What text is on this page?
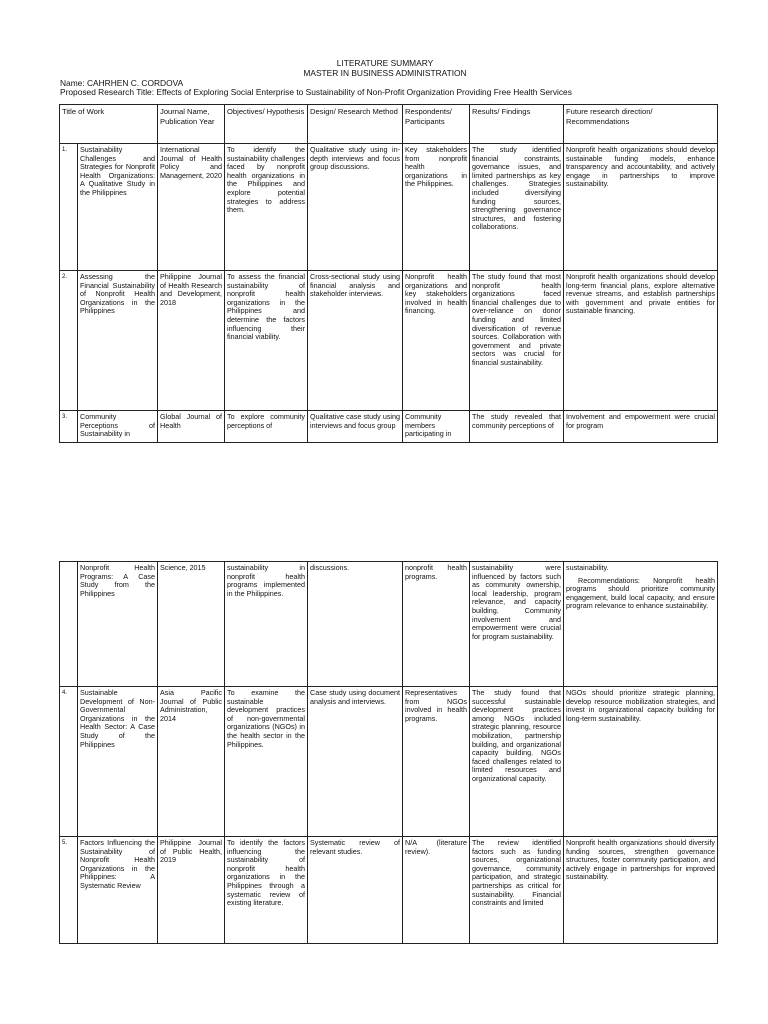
LITERATURE SUMMARY
MASTER IN BUSINESS ADMINISTRATION
Name: CAHRHEN C. CORDOVA
Proposed Research Title: Effects of Exploring Social Enterprise to Sustainability of Non-Profit Organization Providing Free Health Services
Title of Work		Journal Name, Publication Year	Objectives/ Hypothesis	Design/ Research Method	Respondents/ Participants	Results/ Findings	Future research direction/ Recommendations
1.	Sustainability Challenges and Strategies for Nonprofit Health Organizations: A Qualitative Study in the Philippines	International Journal of Health Policy and Management, 2020	To identify the sustainability challenges faced by nonprofit health organizations in the Philippines and explore potential strategies to address them.	Qualitative study using in-depth interviews and focus group discussions.	Key stakeholders from nonprofit health organizations in the Philippines.	The study identified financial constraints, governance issues, and limited partnerships as key challenges. Strategies included diversifying funding sources, strengthening governance structures, and fostering collaborations.	Nonprofit health organizations should develop sustainable funding models, enhance transparency and accountability, and actively engage in partnerships to improve sustainability.
2.	Assessing the Financial Sustainability of Nonprofit Health Organizations in the Philippines	Philippine Journal of Health Research and Development, 2018	To assess the financial sustainability of nonprofit health organizations in the Philippines and determine the factors influencing their financial viability.	Cross-sectional study using financial analysis and stakeholder interviews.	Nonprofit health organizations and key stakeholders involved in health financing.	The study found that most nonprofit health organizations faced financial challenges due to over-reliance on donor funding and limited diversification of revenue sources. Collaboration with government and private sectors was crucial for financial sustainability.	Nonprofit health organizations should develop long-term financial plans, explore alternative revenue streams, and establish partnerships with government and private entities for sustainable financing.
3.	Community Perceptions of Sustainability in	Global Journal of Health	To explore community perceptions of	Qualitative case study using interviews and focus group	Community members participating in	The study revealed that community perceptions of	Involvement and empowerment were crucial for program
	Nonprofit Health Programs: A Case Study from the Philippines	Science, 2015	sustainability in nonprofit health programs implemented in the Philippines.	discussions.	nonprofit health programs.	sustainability were influenced by factors such as community ownership, local leadership, program relevance, and capacity building. Community involvement and empowerment were crucial for program sustainability.	sustainability.
Recommendations: Nonprofit health programs should prioritize community engagement, build local capacity, and ensure program relevance to enhance sustainability.

4.	Sustainable Development of Non-Governmental Organizations in the Health Sector: A Case Study of the Philippines	Asia Pacific Journal of Public Administration, 2014	To examine the sustainable development practices of non-governmental organizations (NGOs) in the health sector in the Philippines.	Case study using document analysis and interviews.	Representatives from NGOs involved in health programs.	The study found that successful sustainable development practices among NGOs included strategic planning, resource mobilization, partnership building, and organizational capacity building. NGOs faced challenges related to limited resources and organizational capacity.	NGOs should prioritize strategic planning, develop resource mobilization strategies, and invest in organizational capacity building for long-term sustainability.
5.	Factors Influencing the Sustainability of Nonprofit Health Organizations in the Philippines: A Systematic Review	Philippine Journal of Public Health, 2019	To identify the factors influencing the sustainability of nonprofit health organizations in the Philippines through a systematic review of existing literature.	Systematic review of relevant studies.	N/A (literature review).	The review identified factors such as funding sources, organizational governance, community participation, and strategic partnerships as critical for sustainability. Financial constraints and limited	Nonprofit health organizations should diversify funding sources, strengthen governance structures, foster community participation, and actively engage in partnerships for improved sustainability.
